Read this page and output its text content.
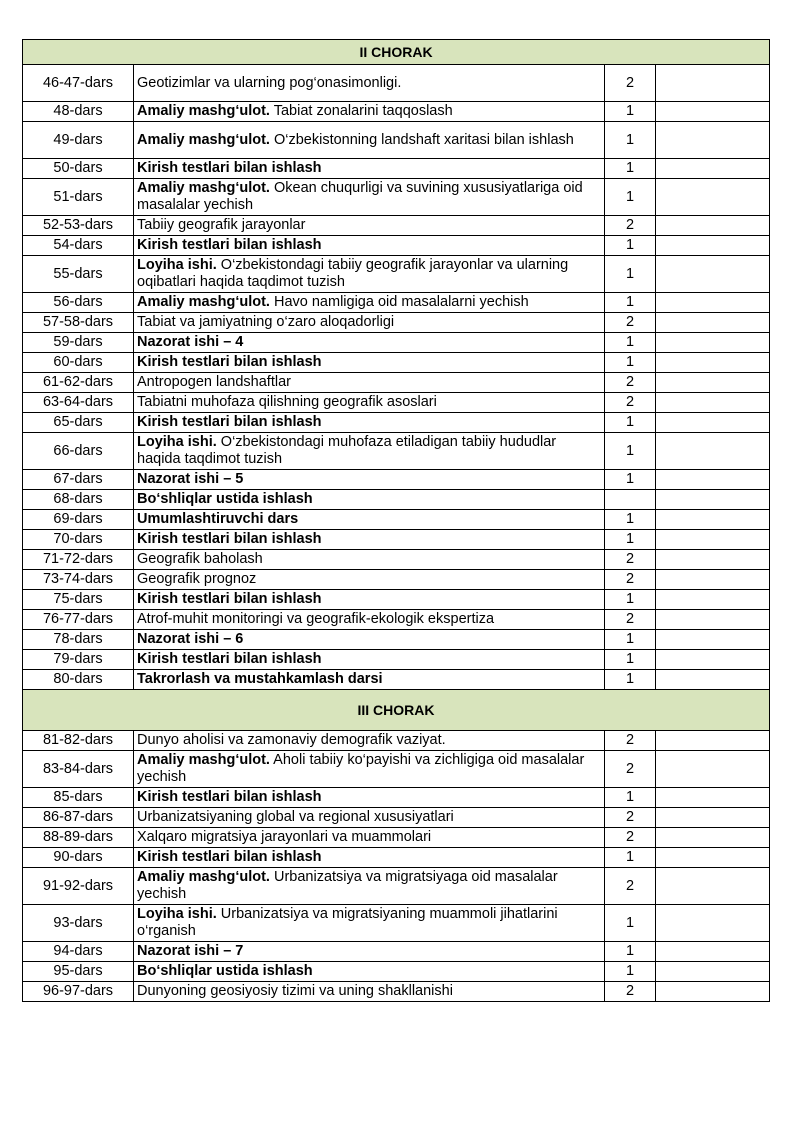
II CHORAK			
46-47-dars	Geotizimlar va ularning pog‘onasimonligi.	2	
48-dars	Amaliy mashg‘ulot. Tabiat zonalarini taqqoslash	1	
49-dars	Amaliy mashg‘ulot. O‘zbekistonning landshaft xaritasi bilan ishlash	1	
50-dars	Kirish testlari bilan ishlash	1	
51-dars	Amaliy mashg‘ulot. Okean chuqurligi va suvining xususiyatlariga oid masalalar yechish	1	
52-53-dars	Tabiiy geografik jarayonlar	2	
54-dars	Kirish testlari bilan ishlash	1	
55-dars	Loyiha ishi. O‘zbekistondagi tabiiy geografik jarayonlar va ularning oqibatlari haqida taqdimot tuzish	1	
56-dars	Amaliy mashg‘ulot. Havo namligiga oid masalalarni yechish	1	
57-58-dars	Tabiat va jamiyatning o‘zaro aloqadorligi	2	
59-dars	Nazorat ishi – 4	1	
60-dars	Kirish testlari bilan ishlash	1	
61-62-dars	Antropogen landshaftlar	2	
63-64-dars	Tabiatni muhofaza qilishning geografik asoslari	2	
65-dars	Kirish testlari bilan ishlash	1	
66-dars	Loyiha ishi. O‘zbekistondagi muhofaza etiladigan tabiiy hududlar haqida taqdimot tuzish	1	
67-dars	Nazorat ishi – 5	1	
68-dars	Bo‘shliqlar ustida ishlash		
69-dars	Umumlashtiruvchi dars	1	
70-dars	Kirish testlari bilan ishlash	1	
71-72-dars	Geografik baholash	2	
73-74-dars	Geografik prognoz	2	
75-dars	Kirish testlari bilan ishlash	1	
76-77-dars	Atrof-muhit monitoringi va geografik-ekologik ekspertiza	2	
78-dars	Nazorat ishi – 6	1	
79-dars	Kirish testlari bilan ishlash	1	
80-dars	Takrorlash va mustahkamlash darsi	1	
III CHORAK			
81-82-dars	Dunyo aholisi va zamonaviy demografik vaziyat.	2	
83-84-dars	Amaliy mashg‘ulot. Aholi tabiiy ko‘payishi va zichligiga oid masalalar yechish	2	
85-dars	Kirish testlari bilan ishlash	1	
86-87-dars	Urbanizatsiyaning global va regional xususiyatlari	2	
88-89-dars	Xalqaro migratsiya jarayonlari va muammolari	2	
90-dars	Kirish testlari bilan ishlash	1	
91-92-dars	Amaliy mashg‘ulot. Urbanizatsiya va migratsiyaga oid masalalar yechish	2	
93-dars	Loyiha ishi. Urbanizatsiya va migratsiyaning muammoli jihatlarini o‘rganish	1	
94-dars	Nazorat ishi – 7	1	
95-dars	Bo‘shliqlar ustida ishlash	1	
96-97-dars	Dunyoning geosiyosiy tizimi va uning shakllanishi	2	
